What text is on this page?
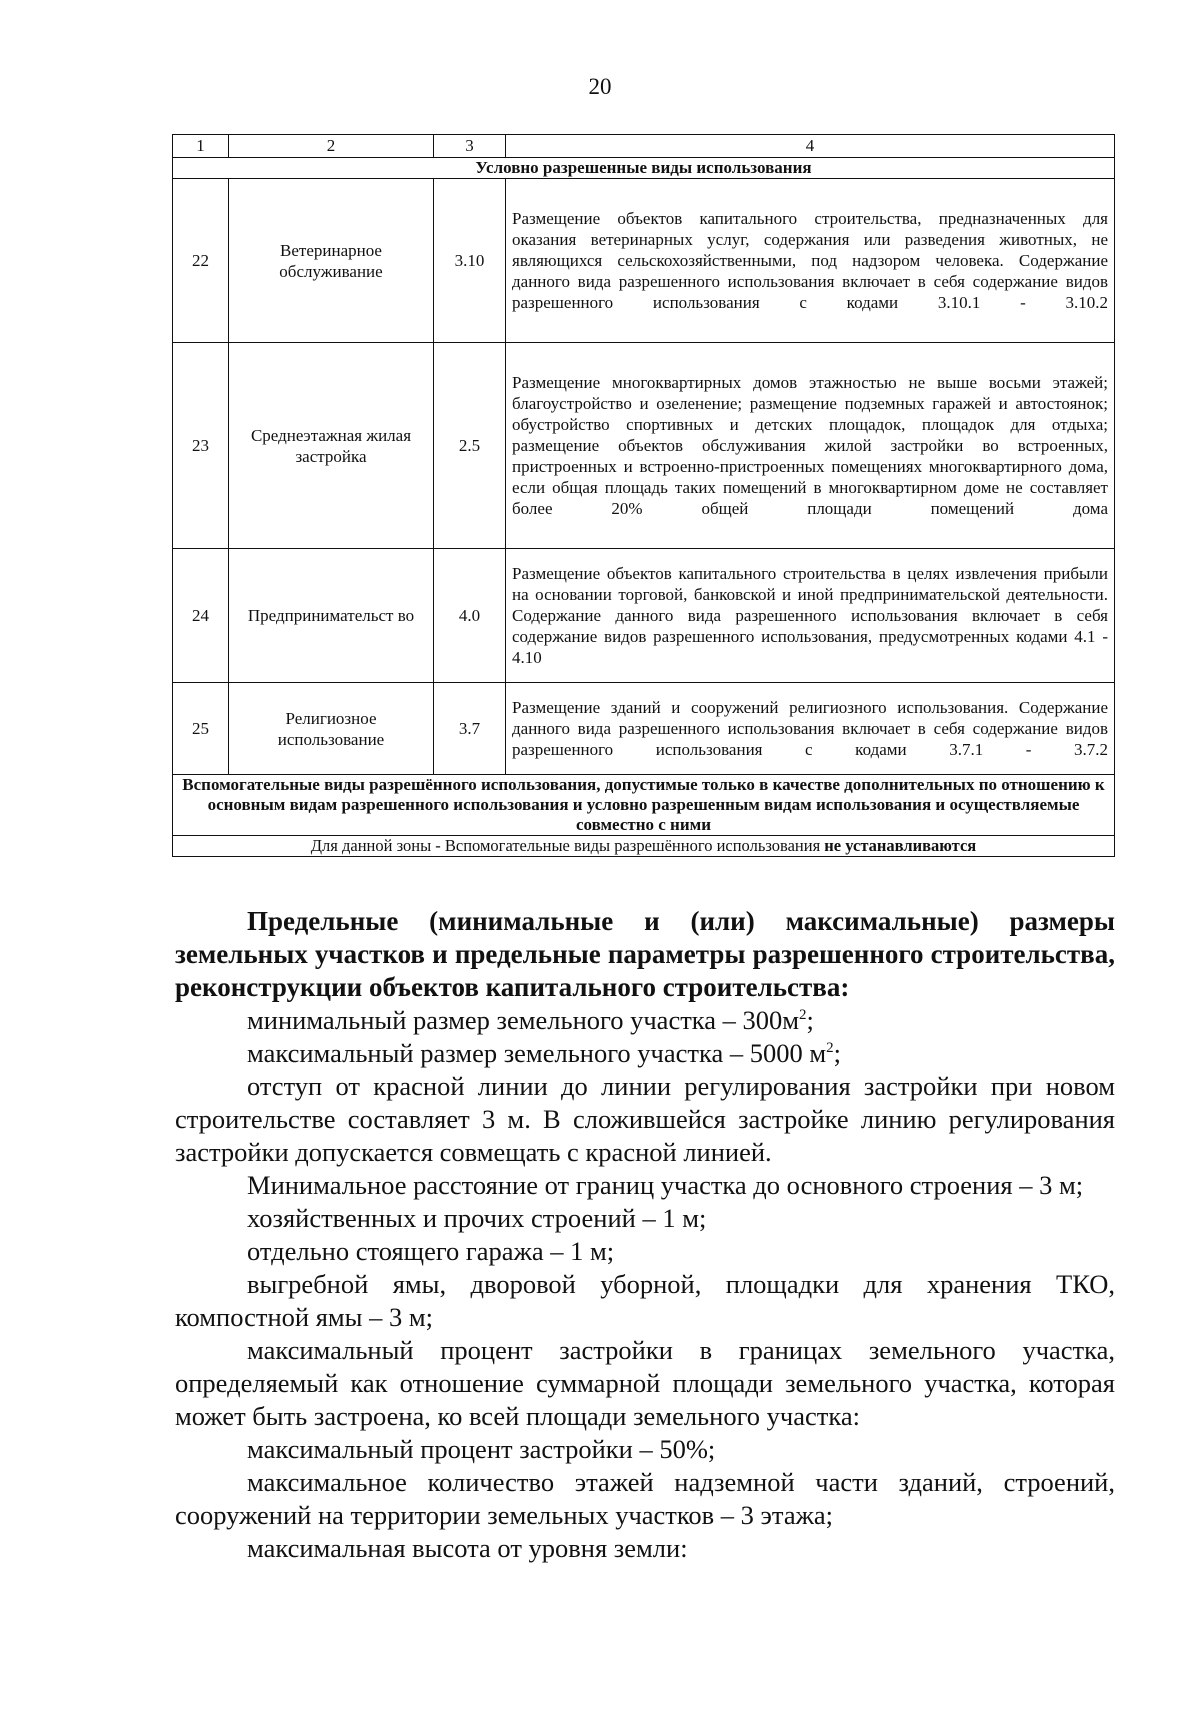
20
1	2	3	4
Условно разрешенные виды использования			
22	Ветеринарное обслуживание	3.10	Размещение объектов капитального строительства, предназначенных для оказания ветеринарных услуг, содержания или разведения животных, не являющихся сельскохозяйственными, под надзором человека. Содержание данного вида разрешенного использования включает в себя содержание видов разрешенного использования с кодами 3.10.1 - 3.10.2
23	Среднеэтажная жилая застройка	2.5	Размещение многоквартирных домов этажностью не выше восьми этажей; благоустройство и озеленение; размещение подземных гаражей и автостоянок; обустройство спортивных и детских площадок, площадок для отдыха; размещение объектов обслуживания жилой застройки во встроенных, пристроенных и встроенно-пристроенных помещениях многоквартирного дома, если общая площадь таких помещений в многоквартирном доме не составляет более 20% общей площади помещений дома
24	Предпринимательст во	4.0	Размещение объектов капитального строительства в целях извлечения прибыли на основании торговой, банковской и иной предпринимательской деятельности. Содержание данного вида разрешенного использования включает в себя содержание видов разрешенного использования, предусмотренных кодами 4.1 - 4.10
25	Религиозное использование	3.7	Размещение зданий и сооружений религиозного использования. Содержание данного вида разрешенного использования включает в себя содержание видов разрешенного использования с кодами 3.7.1 - 3.7.2
Вспомогательные виды разрешённого использования, допустимые только в качестве дополнительных по отношению к основным видам разрешенного использования и условно разрешенным видам использования и осуществляемые совместно с ними			
Для данной зоны - Вспомогательные виды разрешённого использования не устанавливаются			

Предельные (минимальные и (или) максимальные) размеры земельных участков и предельные параметры разрешенного строительства, реконструкции объектов капитального строительства:

минимальный размер земельного участка – $300м^2$;

максимальный размер земельного участка – 5000 $м^2$;

отступ от красной линии до линии регулирования застройки при новом строительстве составляет 3 м. В сложившейся застройке линию регулирования застройки допускается совмещать с красной линией.

Минимальное расстояние от границ участка до основного строения – 3 м;

хозяйственных и прочих строений – 1 м;

отдельно стоящего гаража – 1 м;

выгребной ямы, дворовой уборной, площадки для хранения ТКО, компостной ямы – 3 м;

максимальный процент застройки в границах земельного участка, определяемый как отношение суммарной площади земельного участка, которая может быть застроена, ко всей площади земельного участка:

максимальный процент застройки – 50%;

максимальное количество этажей надземной части зданий, строений, сооружений на территории земельных участков – 3 этажа;

максимальная высота от уровня земли:
